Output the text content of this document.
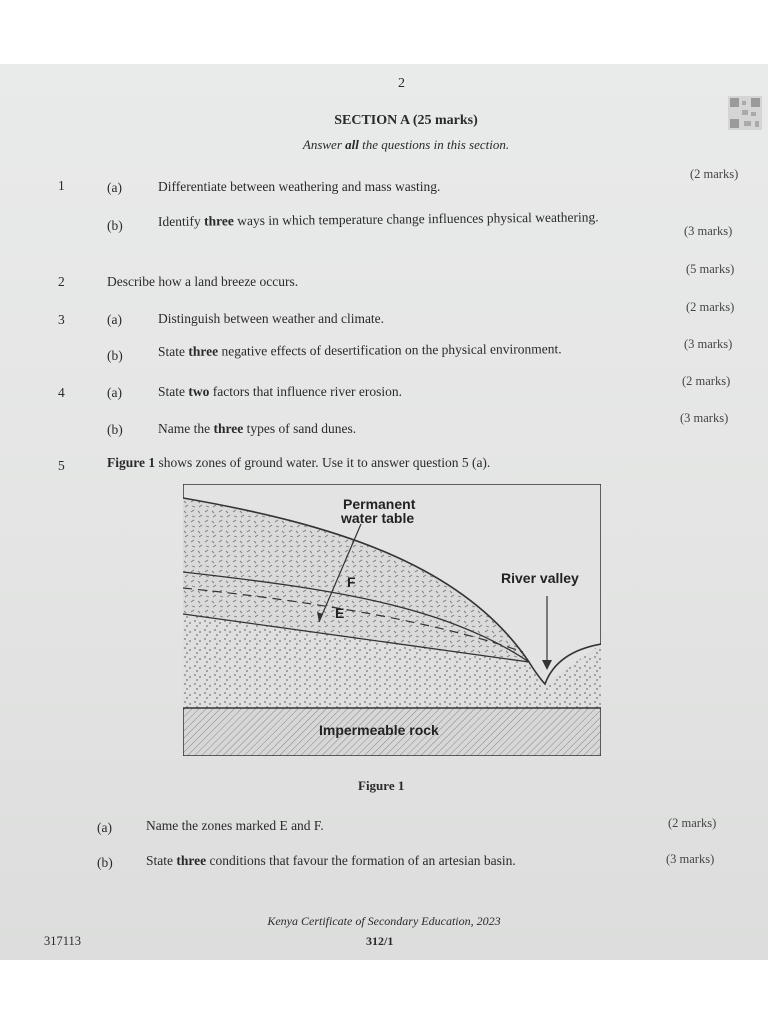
2
SECTION A (25 marks)
Answer all the questions in this section.
1	(a)	Differentiate between weathering and mass wasting.
(2 marks)
(b)	Identify three ways in which temperature change influences physical weathering.
(3 marks)
2	Describe how a land breeze occurs.
(5 marks)
3	(a)	Distinguish between weather and climate.
(2 marks)
(b)	State three negative effects of desertification on the physical environment.	(3 marks)
4	(a)	State two factors that influence river erosion.
(2 marks)
(b)	Name the three types of sand dunes.
(3 marks)
5	Figure 1 shows zones of ground water. Use it to answer question 5 (a).
Permanent
water table
River valley
F
E
Impermeable rock
Figure 1
(a)	Name the zones marked E and F.	(2 marks)
(b) State three conditions that favour the formation of an artesian basin.	(3 marks)
Kenya Certificate of Secondary Education, 2023
312/1
317113
